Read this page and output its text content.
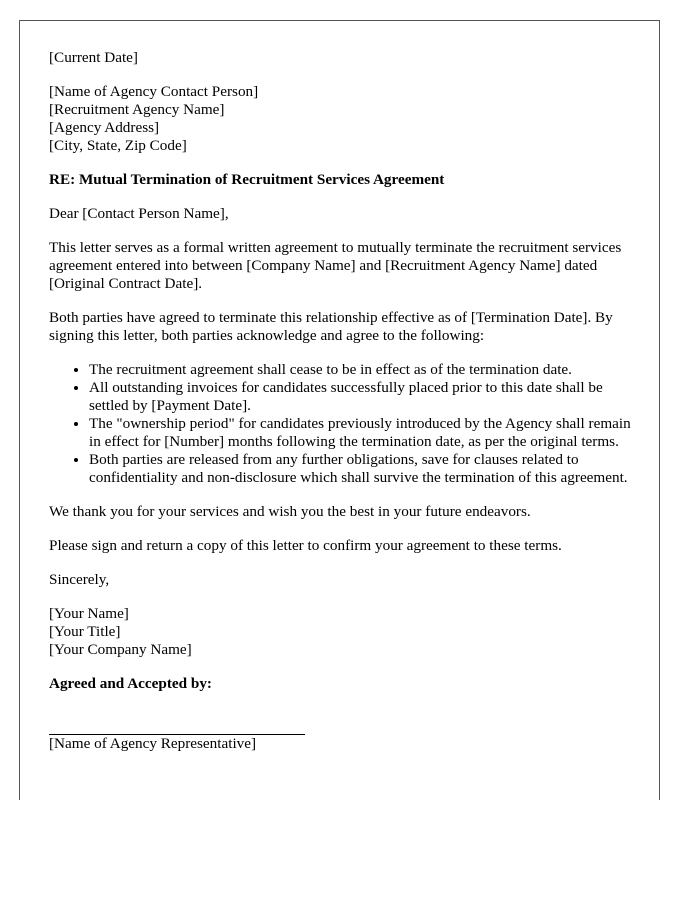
[Current Date]

[Name of Agency Contact Person]
[Recruitment Agency Name]
[Agency Address]
[City, State, Zip Code]

RE: Mutual Termination of Recruitment Services Agreement

Dear [Contact Person Name],

This letter serves as a formal written agreement to mutually terminate the recruitment services agreement entered into between [Company Name] and [Recruitment Agency Name] dated [Original Contract Date].

Both parties have agreed to terminate this relationship effective as of [Termination Date]. By signing this letter, both parties acknowledge and agree to the following:

• The recruitment agreement shall cease to be in effect as of the termination date.
• All outstanding invoices for candidates successfully placed prior to this date shall be settled by [Payment Date].
• The "ownership period" for candidates previously introduced by the Agency shall remain in effect for [Number] months following the termination date, as per the original terms.
• Both parties are released from any further obligations, save for clauses related to confidentiality and non-disclosure which shall survive the termination of this agreement.

We thank you for your services and wish you the best in your future endeavors.

Please sign and return a copy of this letter to confirm your agreement to these terms.

Sincerely,

[Your Name]
[Your Title]
[Your Company Name]

Agreed and Accepted by:

[Name of Agency Representative]
